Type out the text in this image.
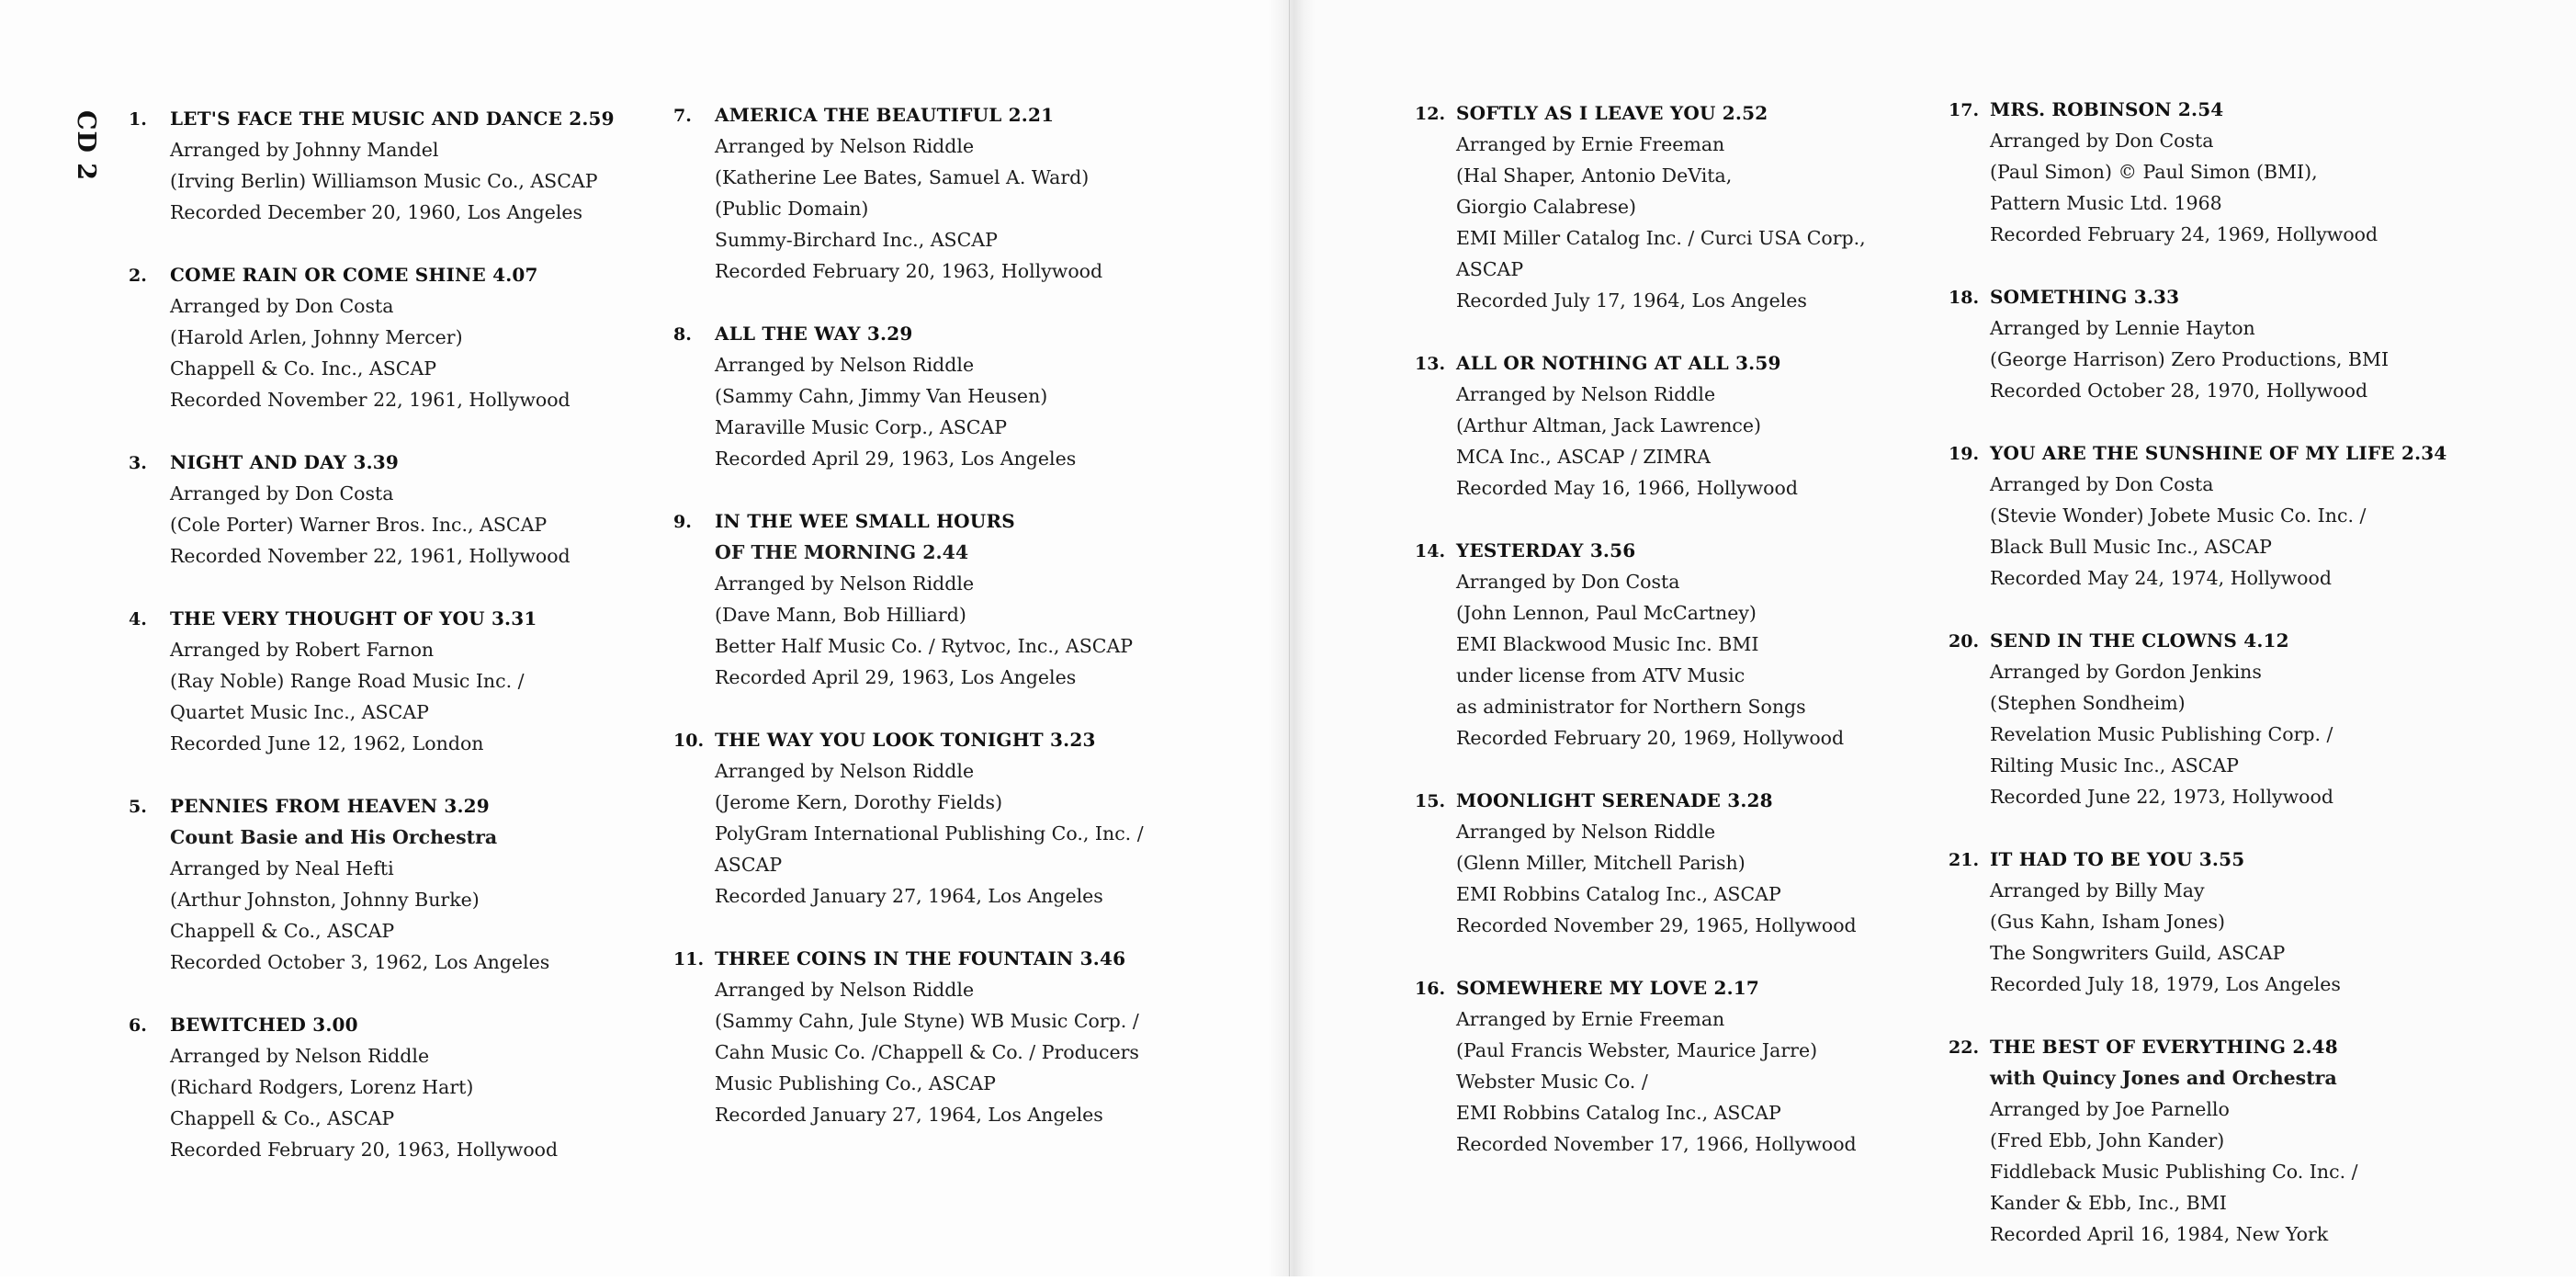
CD 2 1.	LET'S FACE THE MUSIC AND DANCE 2.59
Arranged by Johnny Mandel
(Irving Berlin) Williamson Music Co., ASCAP
Recorded December 20, 1960, Los Angeles
2.	COME RAIN OR COME SHINE 4.07
Arranged by Don Costa
(Harold Arlen, Johnny Mercer)
Chappell & Co. Inc., ASCAP
Recorded November 22, 1961, Hollywood
3.	NIGHT AND DAY 3.39
Arranged by Don Costa
(Cole Porter) Warner Bros. Inc., ASCAP
Recorded November 22, 1961, Hollywood
4.	THE VERY THOUGHT OF YOU 3.31
Arranged by Robert Farnon
(Ray Noble) Range Road Music Inc. /
Quartet Music Inc., ASCAP
Recorded June 12, 1962, London
5.	PENNIES FROM HEAVEN 3.29
Count Basie and His Orchestra
Arranged by Neal Hefti
(Arthur Johnston, Johnny Burke)
Chappell & Co., ASCAP
Recorded October 3, 1962, Los Angeles
6.	BEWITCHED 3.00
Arranged by Nelson Riddle
(Richard Rodgers, Lorenz Hart)
Chappell & Co., ASCAP
Recorded February 20, 1963, Hollywood
7.	AMERICA THE BEAUTIFUL 2.21
Arranged by Nelson Riddle
(Katherine Lee Bates, Samuel A. Ward)
(Public Domain)
Summy-Birchard Inc., ASCAP
Recorded February 20, 1963, Hollywood
8.	ALL THE WAY 3.29
Arranged by Nelson Riddle
(Sammy Cahn, Jimmy Van Heusen)
Maraville Music Corp., ASCAP
Recorded April 29, 1963, Los Angeles
9.	IN THE WEE SMALL HOURS
OF THE MORNING 2.44
Arranged by Nelson Riddle
(Dave Mann, Bob Hilliard)
Better Half Music Co. / Rytvoc, Inc., ASCAP
Recorded April 29, 1963, Los Angeles
10. THE WAY YOU LOOK TONIGHT 3.23
Arranged by Nelson Riddle
(Jerome Kern, Dorothy Fields)
PolyGram International Publishing Co., Inc. /
ASCAP
Recorded January 27, 1964, Los Angeles
11. THREE COINS IN THE FOUNTAIN 3.46
Arranged by Nelson Riddle
(Sammy Cahn, Jule Styne) WB Music Corp. /
Cahn Music Co. /Chappell & Co. / Producers
Music Publishing Co., ASCAP
Recorded January 27, 1964, Los Angeles
12. SOFTLY AS I LEAVE YOU 2.52
Arranged by Ernie Freeman
(Hal Shaper, Antonio DeVita,
Giorgio Calabrese)
EMI Miller Catalog Inc. / Curci USA Corp.,
ASCAP
Recorded July 17, 1964, Los Angeles
13. ALL OR NOTHING AT ALL 3.59
Arranged by Nelson Riddle
(Arthur Altman, Jack Lawrence)
MCA Inc., ASCAP / ZIMRA
Recorded May 16, 1966, Hollywood
14. YESTERDAY 3.56
Arranged by Don Costa
(John Lennon, Paul McCartney)
EMI Blackwood Music Inc. BMI
under license from ATV Music
as administrator for Northern Songs
Recorded February 20, 1969, Hollywood
15. MOONLIGHT SERENADE 3.28
Arranged by Nelson Riddle
(Glenn Miller, Mitchell Parish)
EMI Robbins Catalog Inc., ASCAP
Recorded November 29, 1965, Hollywood
16. SOMEWHERE MY LOVE 2.17
Arranged by Ernie Freeman
(Paul Francis Webster, Maurice Jarre)
Webster Music Co. /
EMI Robbins Catalog Inc., ASCAP
Recorded November 17, 1966, Hollywood
17. MRS. ROBINSON 2.54
Arranged by Don Costa
(Paul Simon) © Paul Simon (BMI),
Pattern Music Ltd. 1968
Recorded February 24, 1969, Hollywood
18. SOMETHING 3.33
Arranged by Lennie Hayton
(George Harrison) Zero Productions, BMI
Recorded October 28, 1970, Hollywood
19. YOU ARE THE SUNSHINE OF MY LIFE 2.34
Arranged by Don Costa
(Stevie Wonder) Jobete Music Co. Inc. /
Black Bull Music Inc., ASCAP
Recorded May 24, 1974, Hollywood
20. SEND IN THE CLOWNS 4.12
Arranged by Gordon Jenkins
(Stephen Sondheim)
Revelation Music Publishing Corp. /
Rilting Music Inc., ASCAP
Recorded June 22, 1973, Hollywood
21. IT HAD TO BE YOU 3.55
Arranged by Billy May
(Gus Kahn, Isham Jones)
The Songwriters Guild, ASCAP
Recorded July 18, 1979, Los Angeles
22. THE BEST OF EVERYTHING 2.48
with Quincy Jones and Orchestra
Arranged by Joe Parnello
(Fred Ebb, John Kander)
Fiddleback Music Publishing Co. Inc. /
Kander & Ebb, Inc., BMI
Recorded April 16, 1984, New York
